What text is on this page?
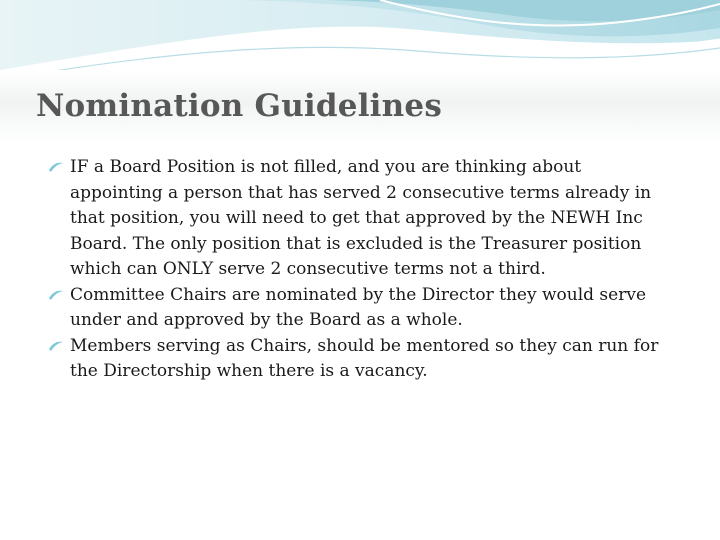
Nomination Guidelines
IF a Board Position is not filled, and you are thinking about appointing a person that has served 2 consecutive terms already in that position, you will need to get that approved by the NEWH Inc Board. The only position that is excluded is the Treasurer position which can ONLY serve 2 consecutive terms not a third.
Committee Chairs are nominated by the Director they would serve under and approved by the Board as a whole.
Members serving as Chairs, should be mentored so they can run for the Directorship when there is a vacancy.
